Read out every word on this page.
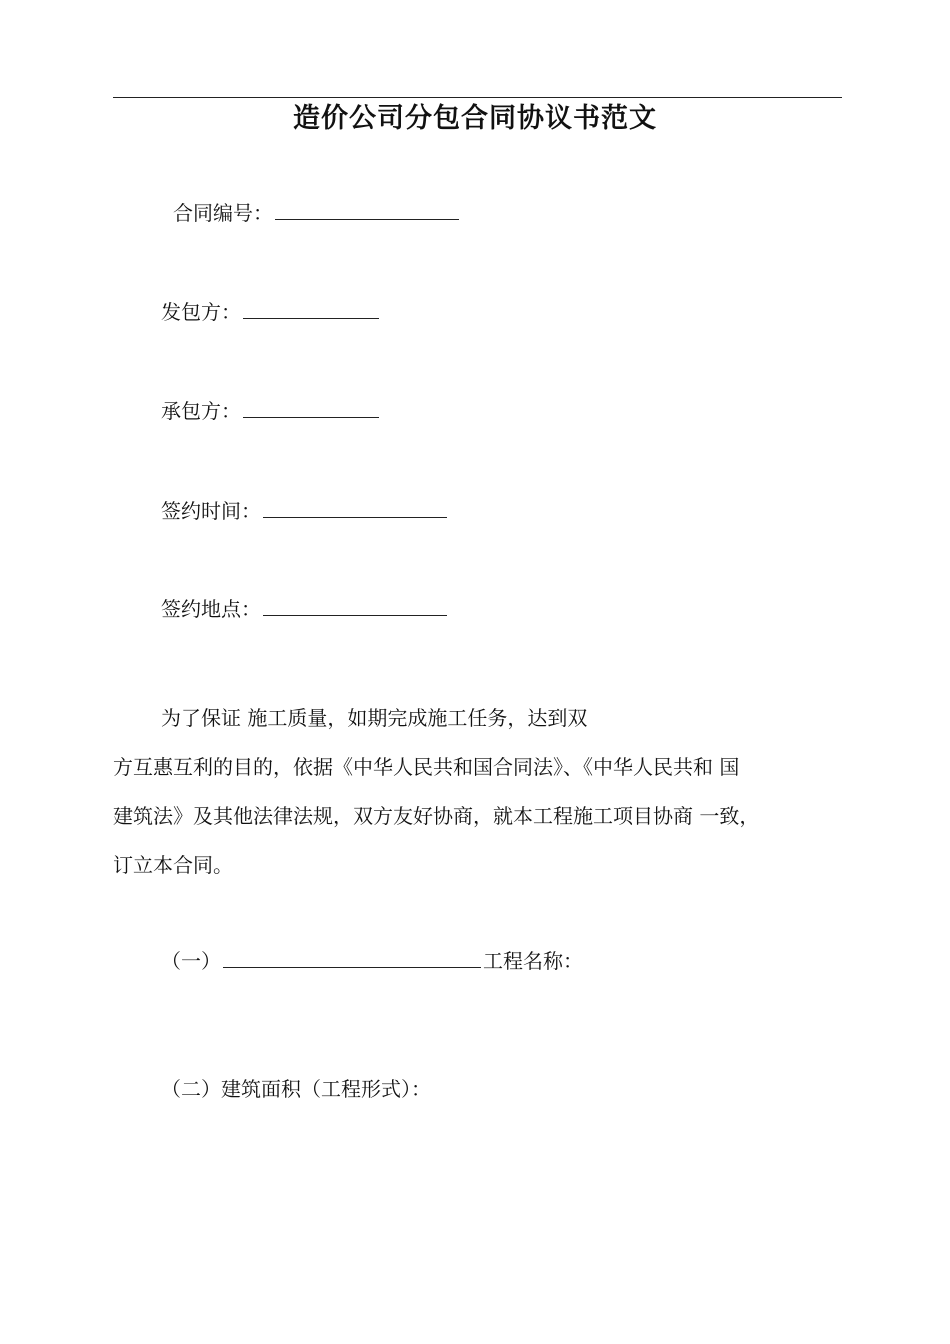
造价公司分包合同协议书范文
合同编号：
发包方：
承包方：
签约时间：
签约地点：
为了保证 施工质量，如期完成施工任务，达到双
方互惠互利的目的，依据《中华人民共和国合同法》、《中华人民共和 国
建筑法》及其他法律法规，双方友好协商，就本工程施工项目协商 一致，
订立本合同。
（一）	工程名称：
（二）建筑面积（工程形式）：
